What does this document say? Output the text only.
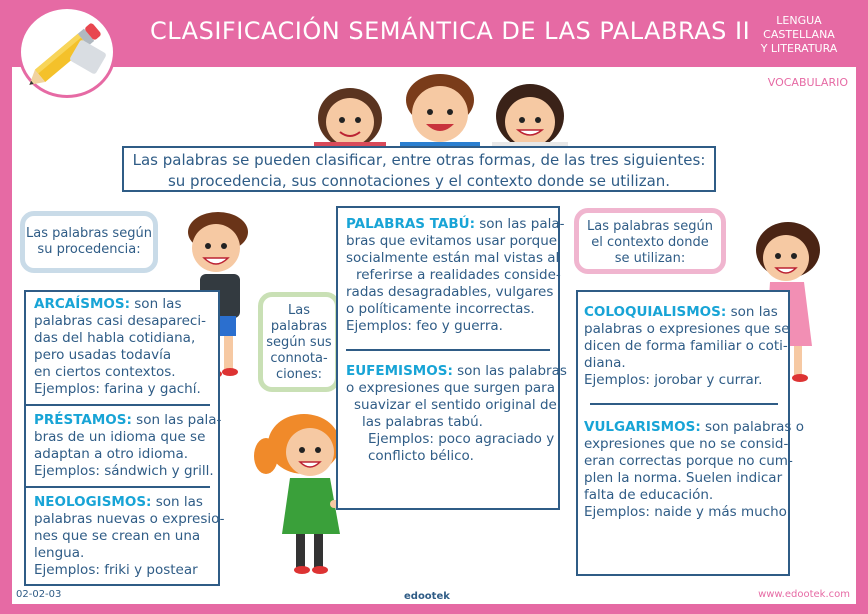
CLASIFICACIÓN SEMÁNTICA DE LAS PALABRAS II	LENGUA
CASTELLANA
Y LITERATURA
VOCABULARIO
Las palabras se pueden clasificar, entre otras formas, de las tres siguientes:
su procedencia, sus connotaciones y el contexto donde se utilizan.
Las palabras según
su procedencia:
Las
palabras
según sus
connota-
ciones:
Las palabras según
el contexto donde
se utilizan:
ARCAÍSMOS: son las
palabras casi desapareci-
das del habla cotidiana,
pero usadas todavía
en ciertos contextos.
Ejemplos: farina y gachí.
PRÉSTAMOS: son las pala-
bras de un idioma que se
adaptan a otro idioma.
Ejemplos: sándwich y grill.
NEOLOGISMOS: son las
palabras nuevas o expresio-
nes que se crean en una
lengua.
Ejemplos: friki y postear
PALABRAS TABÚ: son las pala-
bras que evitamos usar porque
socialmente están mal vistas al
referirse a realidades conside-
radas desagradables, vulgares
o políticamente incorrectas.
Ejemplos: feo y guerra.
EUFEMISMOS: son las palabras
o expresiones que surgen para
suavizar el sentido original de
las palabras tabú.
Ejemplos: poco agraciado y
conflicto bélico.
COLOQUIALISMOS: son las
palabras o expresiones que se
dicen de forma familiar o coti-
diana.
Ejemplos: jorobar y currar.
VULGARISMOS: son palabras o
expresiones que no se consid-
eran correctas porque no cum-
plen la norma. Suelen indicar
falta de educación.
Ejemplos: naide y más mucho.
02-02-03	edootek	www.edootek.com
